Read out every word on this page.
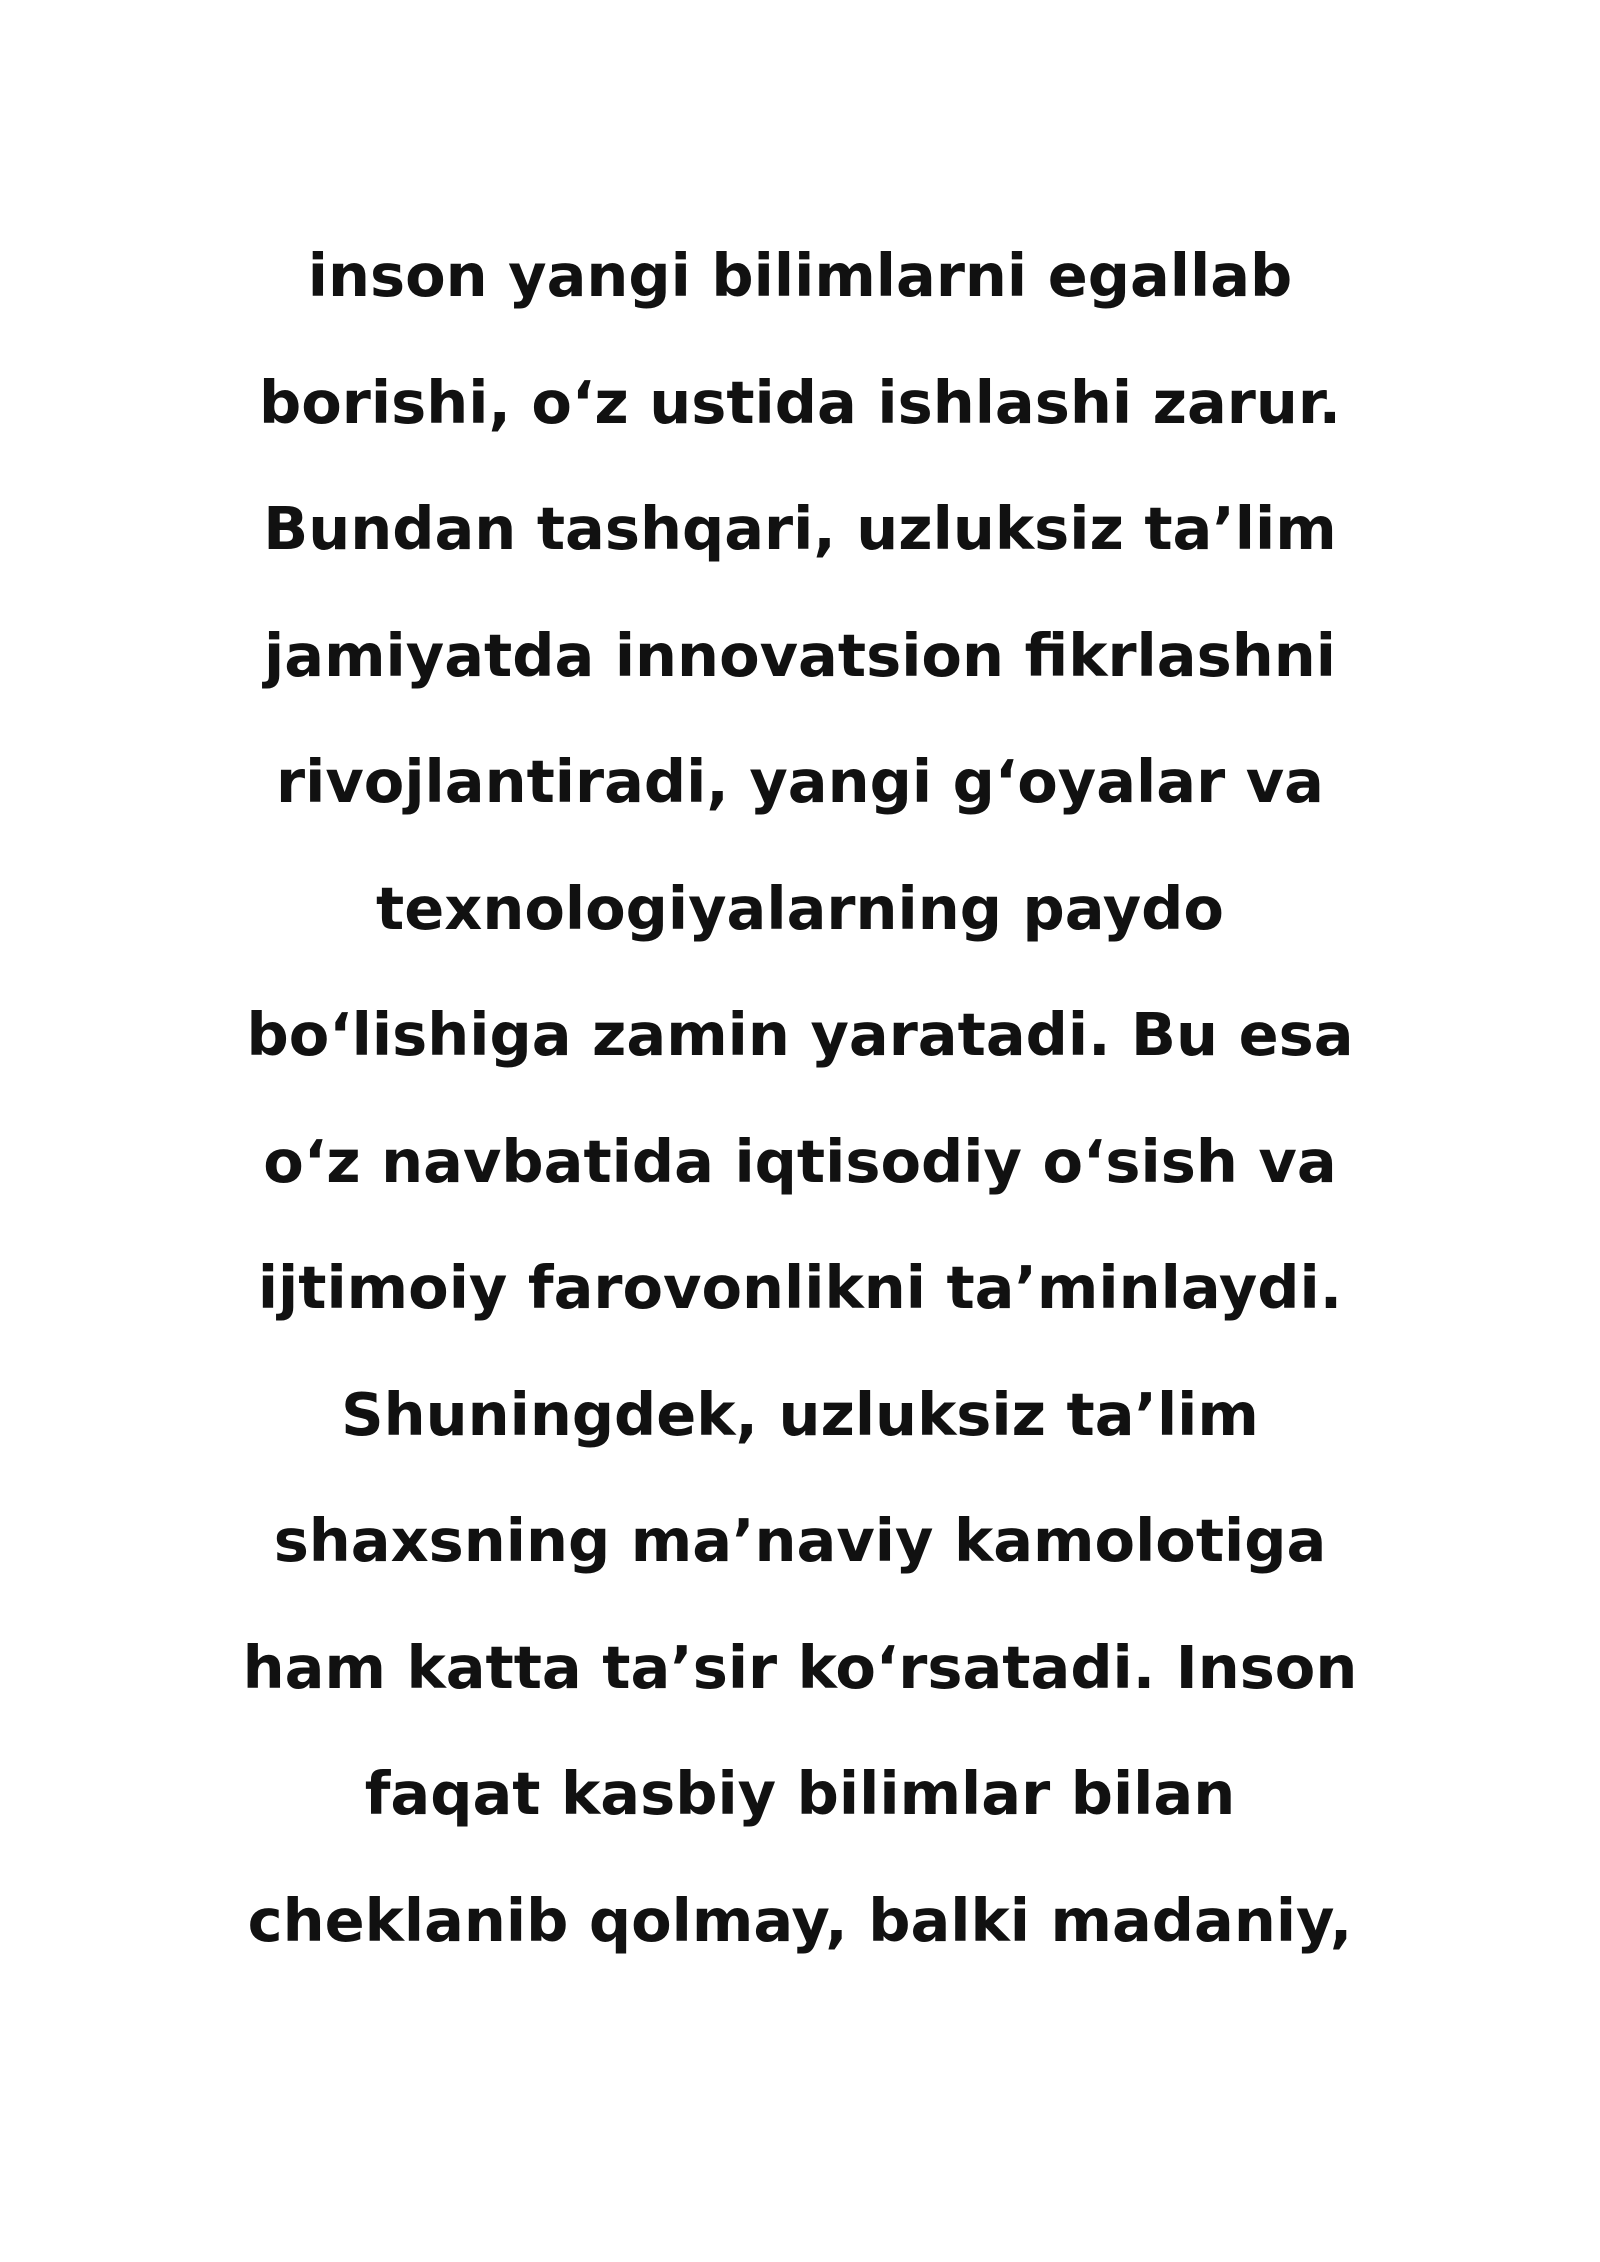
inson yangi bilimlarni egallab
borishi, o‘z ustida ishlashi zarur.
Bundan tashqari, uzluksiz ta’lim
jamiyatda innovatsion fikrlashni
rivojlantiradi, yangi g‘oyalar va
texnologiyalarning paydo
bo‘lishiga zamin yaratadi. Bu esa
o‘z navbatida iqtisodiy o‘sish va
ijtimoiy farovonlikni ta’minlaydi.
Shuningdek, uzluksiz ta’lim
shaxsning ma’naviy kamolotiga
ham katta ta’sir ko‘rsatadi. Inson
faqat kasbiy bilimlar bilan
cheklanib qolmay, balki madaniy,
